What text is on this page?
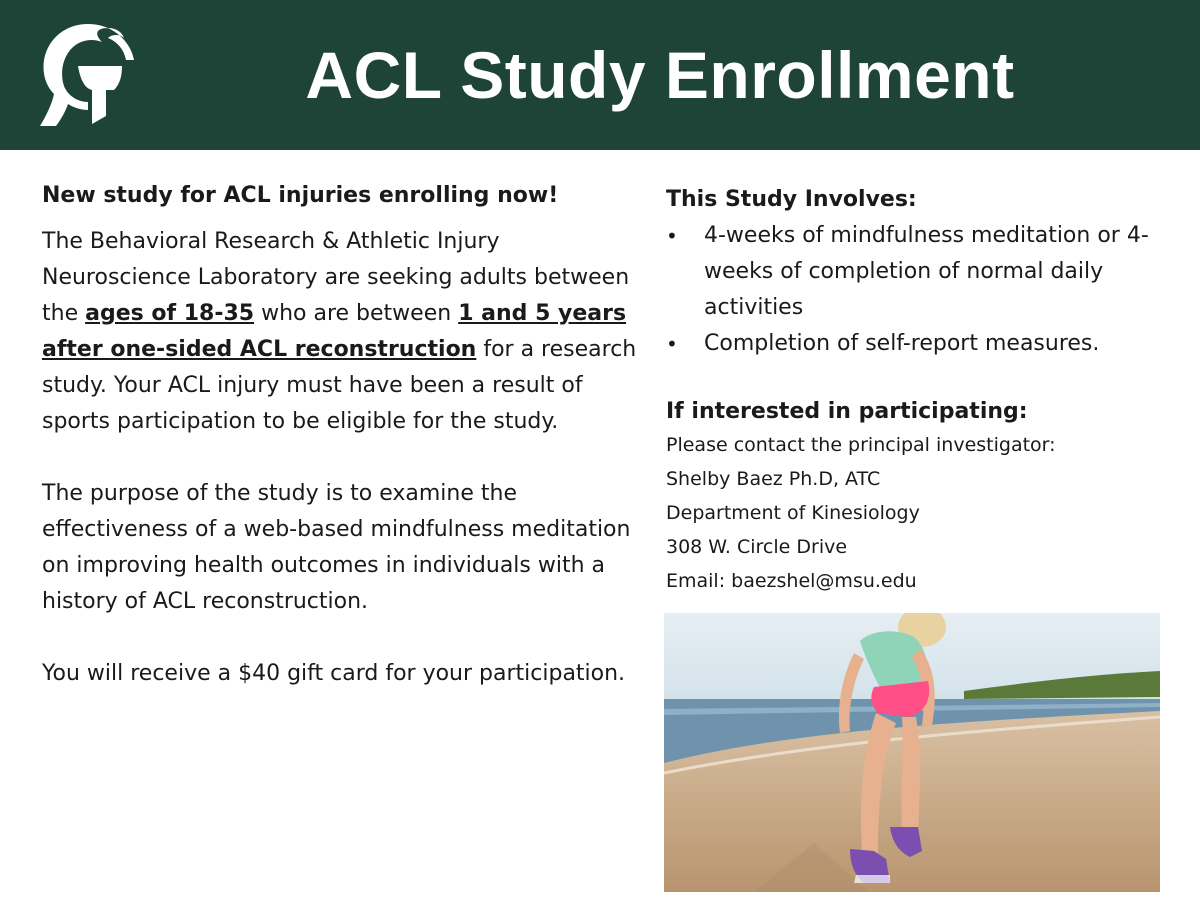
ACL Study Enrollment

New study for ACL injuries enrolling now!

The Behavioral Research & Athletic Injury Neuroscience Laboratory are seeking adults between the ages of 18-35 who are between 1 and 5 years after one-sided ACL reconstruction for a research study. Your ACL injury must have been a result of sports participation to be eligible for the study.

The purpose of the study is to examine the effectiveness of a web-based mindfulness meditation on improving health outcomes in individuals with a history of ACL reconstruction.

You will receive a $40 gift card for your participation.

This Study Involves:

• 4-weeks of mindfulness meditation or 4-weeks of completion of normal daily activities
• Completion of self-report measures.

If interested in participating:

Please contact the principal investigator:

Shelby Baez Ph.D, ATC

Department of Kinesiology

308 W. Circle Drive

Email: baezshel@msu.edu
